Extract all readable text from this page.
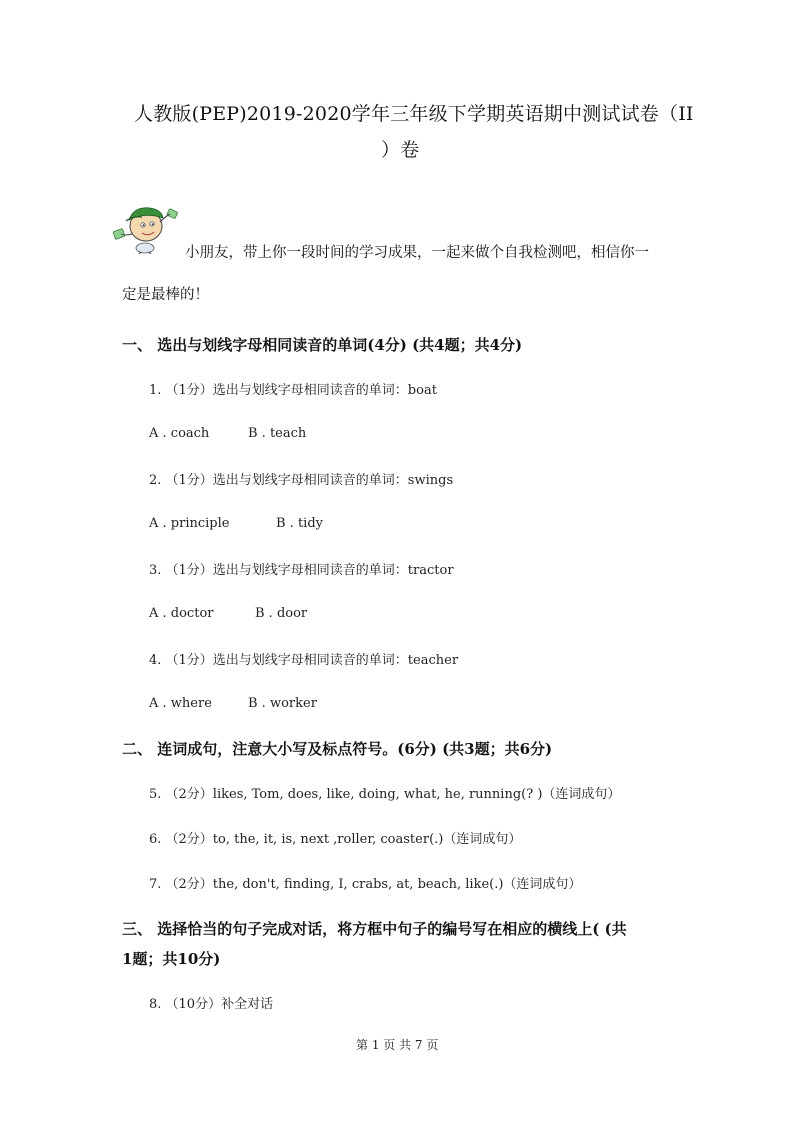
人教版(PEP)2019-2020学年三年级下学期英语期中测试试卷（II
）卷
小朋友，带上你一段时间的学习成果，一起来做个自我检测吧，相信你一
定是最棒的！
一、 选出与划线字母相同读音的单词(4分) (共4题；共4分)
1. （1分）选出与划线字母相同读音的单词：boat
A . coach	B . teach
2. （1分）选出与划线字母相同读音的单词：swings
A . principle	B . tidy
3. （1分）选出与划线字母相同读音的单词：tractor
A . doctor	B . door
4. （1分）选出与划线字母相同读音的单词：teacher
A . where	B . worker
二、 连词成句，注意大小写及标点符号。(6分) (共3题；共6分)
5. （2分）likes, Tom, does, like, doing, what, he, running(? )（连词成句）
6. （2分）to, the, it, is, next ,roller, coaster(.)（连词成句）
7. （2分）the, don't, finding, I, crabs, at, beach, like(.)（连词成句）
三、 选择恰当的句子完成对话，将方框中句子的编号写在相应的横线上( (共
1题；共10分)
8. （10分）补全对话
第 1 页 共 7 页
